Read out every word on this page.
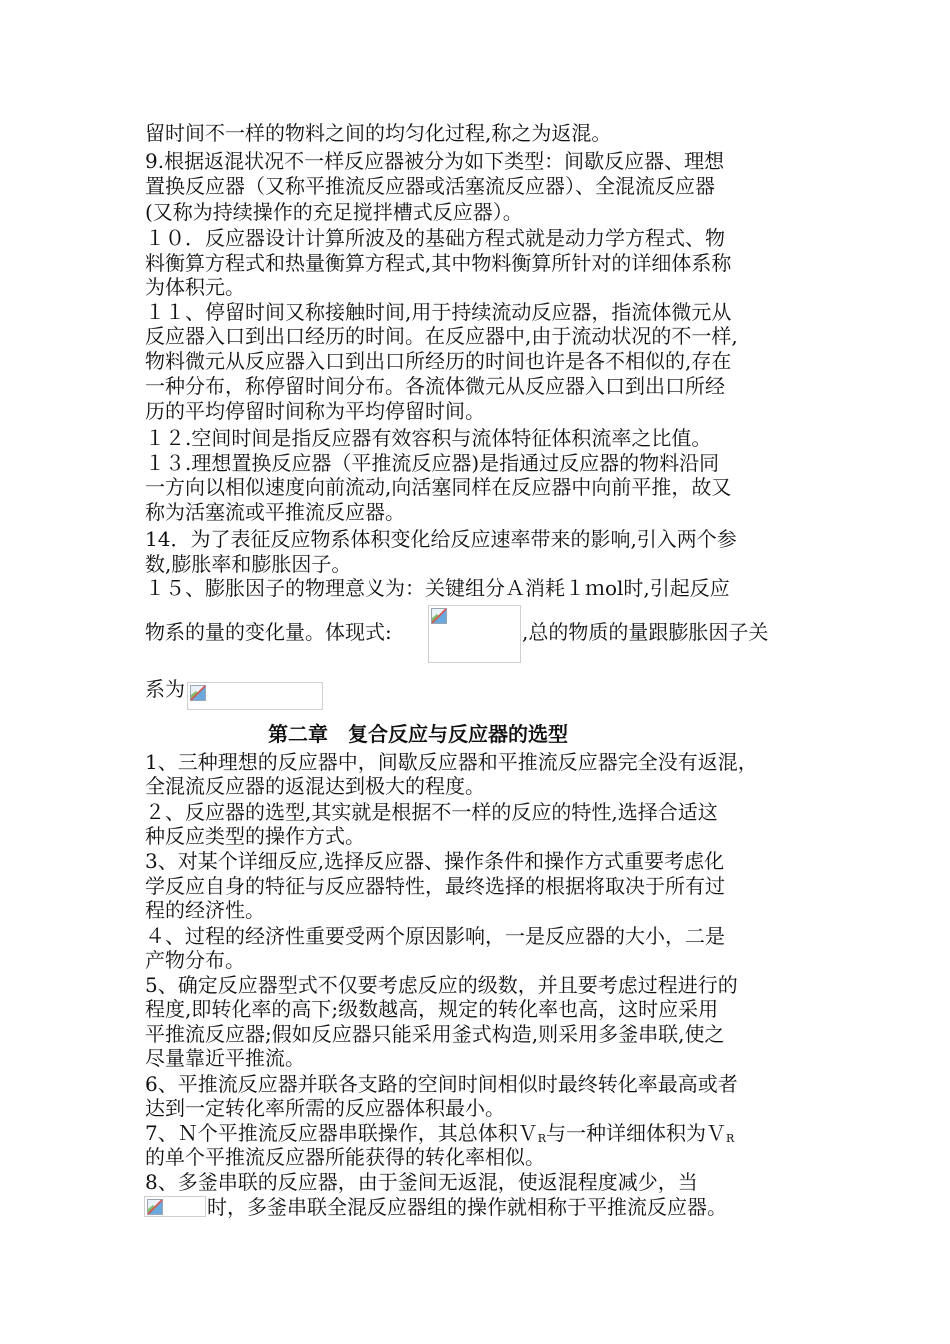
留时间不一样的物料之间的均匀化过程,称之为返混。
9.根据返混状况不一样反应器被分为如下类型：间歇反应器、理想
置换反应器（又称平推流反应器或活塞流反应器）、全混流反应器
(又称为持续操作的充足搅拌槽式反应器）。
１０．反应器设计计算所波及的基础方程式就是动力学方程式、物
料衡算方程式和热量衡算方程式,其中物料衡算所针对的详细体系称
为体积元。
１１、停留时间又称接触时间,用于持续流动反应器，指流体微元从
反应器入口到出口经历的时间。在反应器中,由于流动状况的不一样,
物料微元从反应器入口到出口所经历的时间也许是各不相似的,存在
一种分布，称停留时间分布。各流体微元从反应器入口到出口所经
历的平均停留时间称为平均停留时间。
１２.空间时间是指反应器有效容积与流体特征体积流率之比值。
１３.理想置换反应器（平推流反应器)是指通过反应器的物料沿同
一方向以相似速度向前流动,向活塞同样在反应器中向前平推，故又
称为活塞流或平推流反应器。
14．为了表征反应物系体积变化给反应速率带来的影响,引入两个参
数,膨胀率和膨胀因子。
１５、膨胀因子的物理意义为：关键组分Ａ消耗１ｍol时,引起反应
物系的量的变化量。体现式:	,总的物质的量跟膨胀因子关
系为
第二章　复合反应与反应器的选型
1、三种理想的反应器中，间歇反应器和平推流反应器完全没有返混，
全混流反应器的返混达到极大的程度。
２、反应器的选型,其实就是根据不一样的反应的特性,选择合适这
种反应类型的操作方式。
3、对某个详细反应,选择反应器、操作条件和操作方式重要考虑化
学反应自身的特征与反应器特性，最终选择的根据将取决于所有过
程的经济性。
４、过程的经济性重要受两个原因影响，一是反应器的大小，二是
产物分布。
5、确定反应器型式不仅要考虑反应的级数，并且要考虑过程进行的
程度,即转化率的高下;级数越高，规定的转化率也高，这时应采用
平推流反应器;假如反应器只能采用釜式构造,则采用多釜串联,使之
尽量靠近平推流。
6、平推流反应器并联各支路的空间时间相似时最终转化率最高或者
达到一定转化率所需的反应器体积最小。
7、Ｎ个平推流反应器串联操作，其总体积ＶR与一种详细体积为ＶR
的单个平推流反应器所能获得的转化率相似。
8、多釜串联的反应器，由于釜间无返混，使返混程度减少，当
时，多釜串联全混反应器组的操作就相称于平推流反应器。
